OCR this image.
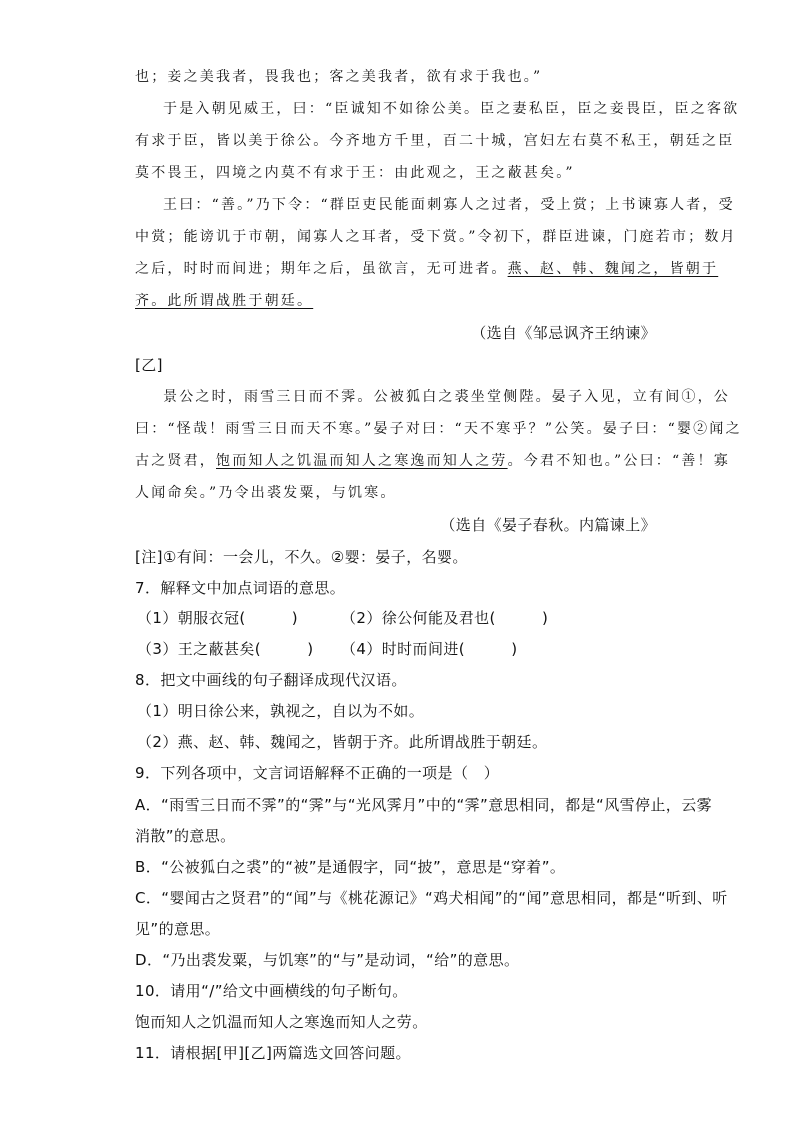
也；妾之美我者，畏我也；客之美我者，欲有求于我也。”
于是入朝见威王，曰：“臣诚知不如徐公美。臣之妻私臣，臣之妾畏臣，臣之客欲
有求于臣，皆以美于徐公。今齐地方千里，百二十城，宫妇左右莫不私王，朝廷之臣
莫不畏王，四境之内莫不有求于王：由此观之，王之蔽甚矣。”
王曰：“善。”乃下令：“群臣吏民能面刺寡人之过者，受上赏；上书谏寡人者，受
中赏；能谤讥于市朝，闻寡人之耳者，受下赏。”令初下，群臣进谏，门庭若市；数月
之后，时时而间进；期年之后，虽欲言，无可进者。燕、赵、韩、魏闻之，皆朝于
齐。此所谓战胜于朝廷。
（选自《邹忌讽齐王纳谏》
[乙]
景公之时，雨雪三日而不霁。公被狐白之裘坐堂侧陛。晏子入见，立有间①，公
曰：“怪哉！雨雪三日而天不寒。”晏子对曰：“天不寒乎？”公笑。晏子曰：“婴②闻之
古之贤君，饱而知人之饥温而知人之寒逸而知人之劳。今君不知也。”公曰：“善！寡
人闻命矣。”乃令出裘发粟，与饥寒。
（选自《晏子春秋。内篇谏上》
[注]①有间：一会儿，不久。②婴：晏子，名婴。
7．解释文中加点词语的意思。
（1）朝服衣冠(　　　)	（2）徐公何能及君也(　　　)
（3）王之蔽甚矣(　　　) （4）时时而间进(　　　)
8．把文中画线的句子翻译成现代汉语。
（1）明日徐公来，孰视之，自以为不如。
（2）燕、赵、韩、魏闻之，皆朝于齐。此所谓战胜于朝廷。
9．下列各项中，文言词语解释不正确的一项是（　）
A．“雨雪三日而不霁”的“霁”与“光风霁月”中的“霁”意思相同，都是“风雪停止，云雾
消散”的意思。
B．“公被狐白之裘”的“被”是通假字，同“披”，意思是“穿着”。
C．“婴闻古之贤君”的“闻”与《桃花源记》“鸡犬相闻”的“闻”意思相同，都是“听到、听
见”的意思。
D．“乃出裘发粟，与饥寒”的“与”是动词，“给”的意思。
10．请用“/”给文中画横线的句子断句。
饱而知人之饥温而知人之寒逸而知人之劳。
11．请根据[甲][乙]两篇选文回答问题。
